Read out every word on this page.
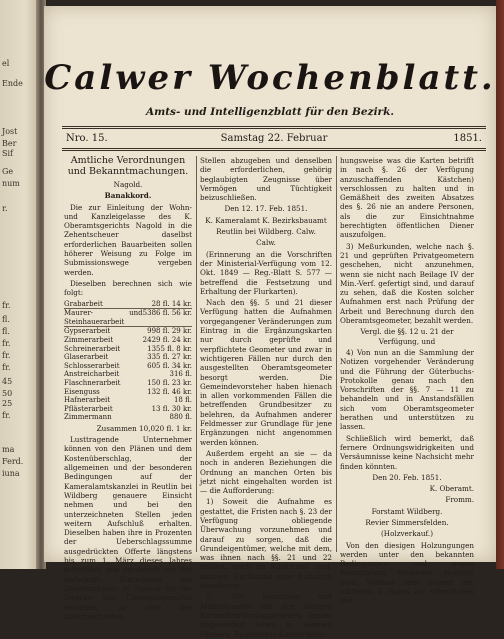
el
Ende
Jost
Ber
Sif
Ge
num
r.
fr.
fl.
fl.
fr.
fr.
fr.
45
50
25
fr.
ma
Ferd.
iuna
Calwer Wochenblatt.
Amts- und Intelligenzblatt für den Bezirk.
Nro. 15.	Samstag 22. Februar	1851.
Amtliche Verordnungen und Bekanntmachungen.

Nagold.

Banakkord.

Die zur Einleitung der Wohn- und Kanzleigelasse des K. Oberamtsgerichts Nagold in die Zehentscheuer daselbst erforderlichen Bauarbeiten sollen höherer Weisung zu Folge im Submissionswege vergeben werden.

Dieselben berechnen sich wie folgt:

Grabarbeit	28 fl. 14 kr.
Maurer- und Steinhauerarbeit	5386 fl. 56 kr.
Gypserarbeit	998 fl. 29 kr.
Zimmerarbeit	2429 fl. 24 kr.
Schreinerarbeit	1355 fl. 8 kr.
Glaserarbeit	335 fl. 27 kr.
Schlosserarbeit	605 fl. 34 kr.
Anstreicharbeit	316 fl.
Flaschnerarbeit	150 fl. 23 kr.
Eisenguss	132 fl. 46 kr.
Hafnerarbeit	18 fl.
Pflästerarbeit	13 fl. 30 kr.
Zimmermann	880 fl.

Zusammen 10,020 fl. 1 kr.

Lusttragende Unternehmer können von den Plänen und dem Kostenüberschlag, der allgemeinen und der besonderen Bedingungen auf der Kameralamtskanzlei in Reutlin bei Wildberg genauere Einsicht nehmen und bei den unterzeichneten Stellen jeden weitern Aufschluß erhalten. Dieselben haben ihre in Prozenten der Ueberschlagssumme ausgedrückten Offerte längstens bis zum 1. März dieses Jahres schriftlich und versiegelt mit der Aufschrift: Einrichtung der Zehentscheuer in Nagold für die Zwecke des Oberamtsgerichts versehen, an eine der unterzeichneten

Stellen abzugeben und denselben die erforderlichen, gehörig beglaubigten Zeugnisse über Vermögen und Tüchtigkeit beizuschließen.

Den 12. 17. Feb. 1851.

K. Kameralamt K. Bezirksbauamt

Reutlin bei Wildberg. Calw.

Calw.

(Erinnerung an die Vorschriften der Ministerial-Verfügung vom 12. Okt. 1849 — Reg.-Blatt S. 577 — betreffend die Festsetzung und Erhaltung der Flurkarten).

Nach den §§. 5 und 21 dieser Verfügung hatten die Aufnahmen vorgegangener Veränderungen zum Eintrag in die Ergänzungskarten nur durch geprüfte und verpflichtete Geometer und zwar in wichtigeren Fällen nur durch den ausgestellten Oberamtsgeometer besorgt werden. Die Gemeindevorsteher haben hienach in allen vorkommenden Fällen die betreffenden Grundbesitzer zu belehren, da Aufnahmen anderer Feldmesser zur Grundlage für jene Ergänzungen nicht angenommen werden können.

Außerdem ergeht an sie — da noch in anderen Beziehungen die Ordnung an manchen Orten bis jetzt nicht eingehalten worden ist — die Aufforderung:

1) Soweit die Aufnahme es gestattet, die Fristen nach §. 23 der Verfügung obliegende Überwachung vorzunehmen und darauf zu sorgen, daß die Grundeigentümer, welche mit dem, was ihnen nach §§. 21 und 22 obliegt, noch im Rückstand sind, solchem Rückstand ohne Aufschub beseitigen;

2) Die Handrisse und Meßurkunden mit den übrigen Kartenfortführungsarbeiten immer abgesondert (etwa in eigenen Fächern, Registratur-Kasten beizu-

hungsweise was die Karten betrifft in nach §. 26 der Verfügung anzuschaffenden Kästchen) verschlossen zu halten und in Gemäßheit des zweiten Absatzes des §. 26 nie an andere Personen, als die zur Einsichtnahme berechtigten öffentlichen Diener auszufolgen.

3) Meßurkunden, welche nach §. 21 und geprüften Privatgeometern geschehen, nicht anzunehmen, wenn sie nicht nach Beilage IV der Min.-Verf. gefertigt sind, und darauf zu sehen, daß die Kosten solcher Aufnahmen erst nach Prüfung der Arbeit und Berechnung durch den Oberamtsgeometer, bezahlt werden.

Vergl. die §§. 12 u. 21 der Verfügung, und

4) Von nun an die Sammlung der Notizen vorgehender Veränderung und die Führung der Güterbuchs-Protokolle genau nach den Vorschriften der §§. 7 — 11 zu behandeln und in Anstandsfällen sich vom Oberamtsgeometer berathen und unterstützen zu lassen.

Schließlich wird bemerkt, daß fernere Ordnungswidrigkeiten und Versäumnisse keine Nachsicht mehr finden könnten.

Den 20. Feb. 1851.

K. Oberamt.

Fromm.

Forstamt Wildberg.

Revier Simmersfelden.

(Holzverkauf.)

Von den diesigen Holzungungen werden unter den bekannten Bedingungen und gegen Baarzahlung entweder sogleich beim Verkauf oder binnen der nächsten 6 Tagen zur öffentlichen Ver-
